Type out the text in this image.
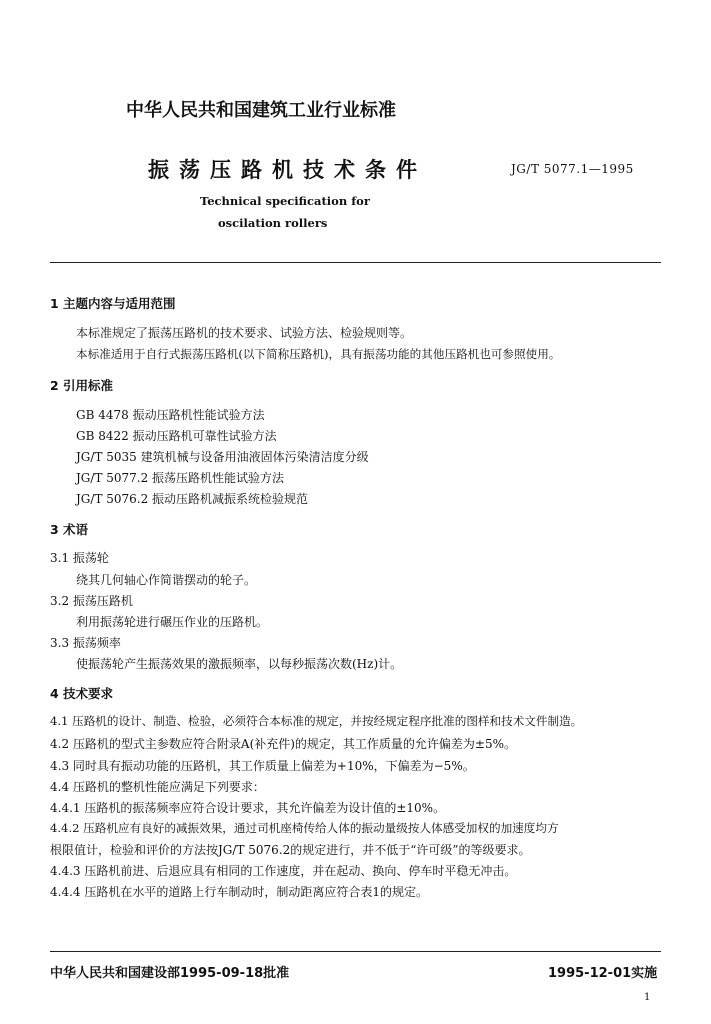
中华人民共和国建筑工业行业标准
振荡压路机技术条件	JG/T 5077.1—1995
Technical specification for
oscilation rollers
1 主题内容与适用范围
本标准规定了振荡压路机的技术要求、试验方法、检验规则等。
本标准适用于自行式振荡压路机(以下简称压路机)，具有振荡功能的其他压路机也可参照使用。
2 引用标准
GB 4478 振动压路机性能试验方法
GB 8422 振动压路机可靠性试验方法
JG/T 5035 建筑机械与设备用油液固体污染清洁度分级
JG/T 5077.2 振荡压路机性能试验方法
JG/T 5076.2 振动压路机减振系统检验规范
3 术语
3.1 振荡轮
绕其几何轴心作简谐摆动的轮子。
3.2 振荡压路机
利用振荡轮进行碾压作业的压路机。
3.3 振荡频率
使振荡轮产生振荡效果的激振频率，以每秒振荡次数(Hz)计。
4 技术要求
4.1 压路机的设计、制造、检验，必须符合本标准的规定，并按经规定程序批准的图样和技术文件制造。
4.2 压路机的型式主参数应符合附录A(补充件)的规定，其工作质量的允许偏差为±5%。
4.3 同时具有振动功能的压路机，其工作质量上偏差为+10%，下偏差为−5%。
4.4 压路机的整机性能应满足下列要求：
4.4.1 压路机的振荡频率应符合设计要求，其允许偏差为设计值的±10%。
4.4.2 压路机应有良好的减振效果，通过司机座椅传给人体的振动量级按人体感受加权的加速度均方
根限值计，检验和评价的方法按JG/T 5076.2的规定进行，并不低于“许可级”的等级要求。
4.4.3 压路机前进、后退应具有相同的工作速度，并在起动、换向、停车时平稳无冲击。
4.4.4 压路机在水平的道路上行车制动时，制动距离应符合表1的规定。
中华人民共和国建设部1995-09-18批准	1995-12-01实施
1
